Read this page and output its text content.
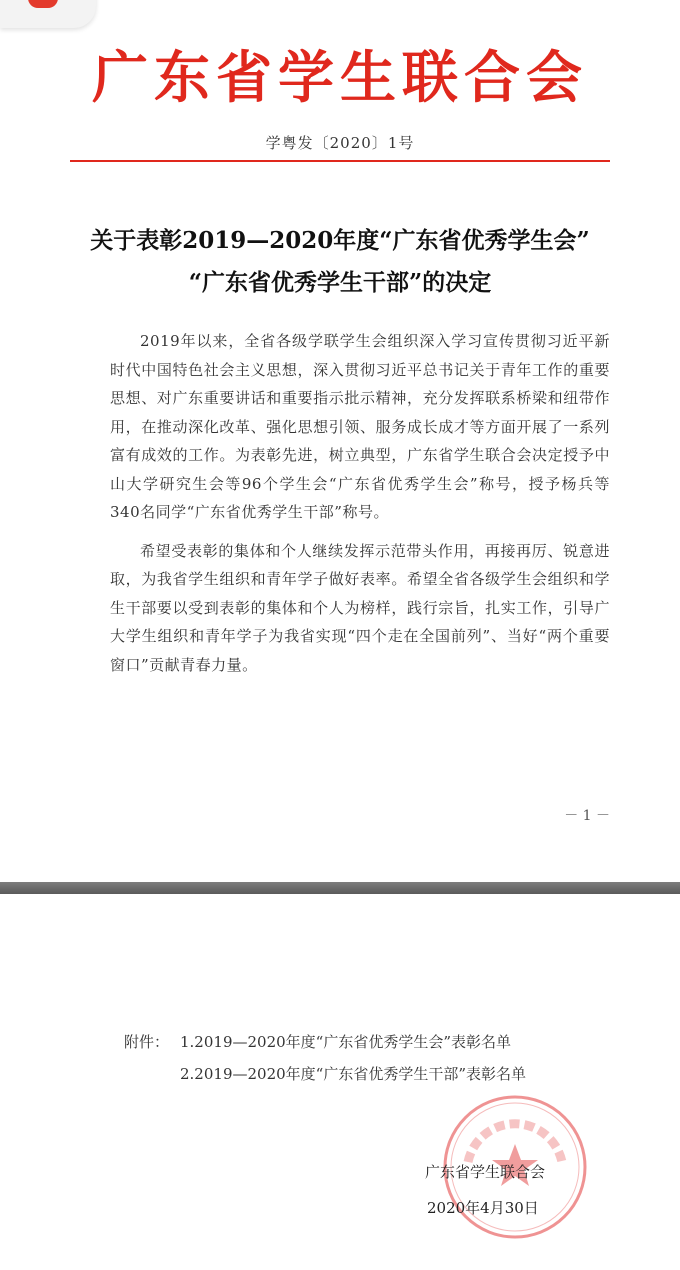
广东省学生联合会
学粤发〔2020〕1号
关于表彰2019—2020年度“广东省优秀学生会”
“广东省优秀学生干部”的决定

2019年以来，全省各级学联学生会组织深入学习宣传贯彻习近平新时代中国特色社会主义思想，深入贯彻习近平总书记关于青年工作的重要思想、对广东重要讲话和重要指示批示精神，充分发挥联系桥梁和纽带作用，在推动深化改革、强化思想引领、服务成长成才等方面开展了一系列富有成效的工作。为表彰先进，树立典型，广东省学生联合会决定授予中山大学研究生会等96个学生会“广东省优秀学生会”称号，授予杨兵等340名同学“广东省优秀学生干部”称号。

希望受表彰的集体和个人继续发挥示范带头作用，再接再厉、锐意进取，为我省学生组织和青年学子做好表率。希望全省各级学生会组织和学生干部要以受到表彰的集体和个人为榜样，践行宗旨，扎实工作，引导广大学生组织和青年学子为我省实现“四个走在全国前列”、当好“两个重要窗口”贡献青春力量。

－ 1 －
附件： 1.2019—2020年度“广东省优秀学生会”表彰名单
2.2019—2020年度“广东省优秀学生干部”表彰名单
广东省学生联合会
2020年4月30日
